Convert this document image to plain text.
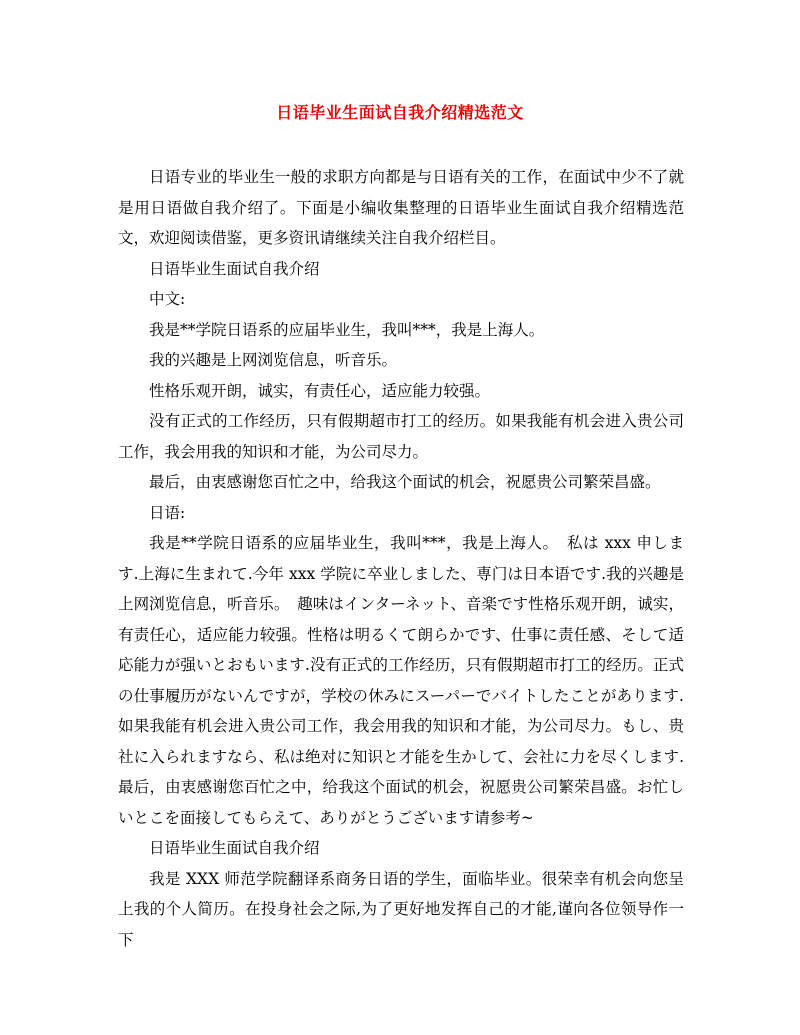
日语毕业生面试自我介绍精选范文

日语专业的毕业生一般的求职方向都是与日语有关的工作，在面试中少不了就是用日语做自我介绍了。下面是小编收集整理的日语毕业生面试自我介绍精选范文，欢迎阅读借鉴，更多资讯请继续关注自我介绍栏目。

日语毕业生面试自我介绍

中文:

我是**学院日语系的应届毕业生，我叫***，我是上海人。

我的兴趣是上网浏览信息，听音乐。

性格乐观开朗，诚实，有责任心，适应能力较强。

没有正式的工作经历，只有假期超市打工的经历。如果我能有机会进入贵公司工作，我会用我的知识和才能，为公司尽力。

最后，由衷感谢您百忙之中，给我这个面试的机会，祝愿贵公司繁荣昌盛。

日语:

我是**学院日语系的应届毕业生，我叫***，我是上海人。　私は xxx 申します.上海に生まれて.今年 xxx 学院に卒业しました、専门は日本语です.我的兴趣是上网浏览信息，听音乐。　趣味はインターネット、音楽です性格乐观开朗，诚实，有责任心，适应能力较强。性格は明るくて朗らかです、仕事に责任感、そして适応能力が强いとおもいます.没有正式的工作经历，只有假期超市打工的经历。正式の仕事履历がないんですが，学校の休みにスーパーでバイトしたことがあります.如果我能有机会进入贵公司工作，我会用我的知识和才能，为公司尽力。もし、贵社に入られますなら、私は绝对に知识と才能を生かして、会社に力を尽くします.最后，由衷感谢您百忙之中，给我这个面试的机会，祝愿贵公司繁荣昌盛。お忙しいとこを面接してもらえて、ありがとうございます请参考~

日语毕业生面试自我介绍

我是 XXX 师范学院翻译系商务日语的学生，面临毕业。很荣幸有机会向您呈上我的个人简历。在投身社会之际,为了更好地发挥自己的才能,谨向各位领导作一下
